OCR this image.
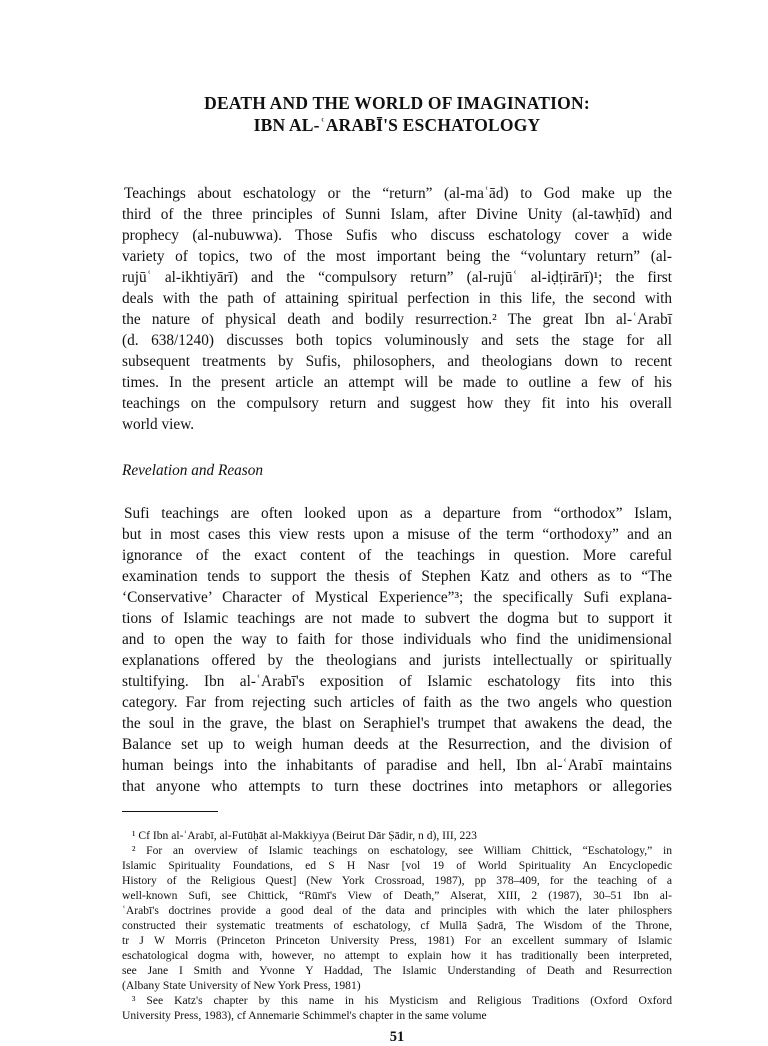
DEATH AND THE WORLD OF IMAGINATION:
IBN AL-ʿARABĪ'S ESCHATOLOGY

Teachings about eschatology or the “return” (al-maʿād) to God make up the
third of the three principles of Sunni Islam, after Divine Unity (al-tawḥīd) and
prophecy (al-nubuwwa). Those Sufis who discuss eschatology cover a wide
variety of topics, two of the most important being the “voluntary return” (al-
rujūʿ al-ikhtiyārī) and the “compulsory return” (al-rujūʿ al-iḍṭirārī)¹; the first
deals with the path of attaining spiritual perfection in this life, the second with
the nature of physical death and bodily resurrection.² The great Ibn al-ʿArabī
(d. 638/1240) discusses both topics voluminously and sets the stage for all
subsequent treatments by Sufis, philosophers, and theologians down to recent
times. In the present article an attempt will be made to outline a few of his
teachings on the compulsory return and suggest how they fit into his overall
world view.

Revelation and Reason

Sufi teachings are often looked upon as a departure from “orthodox” Islam,
but in most cases this view rests upon a misuse of the term “orthodoxy” and an
ignorance of the exact content of the teachings in question. More careful
examination tends to support the thesis of Stephen Katz and others as to “The
‘Conservative’ Character of Mystical Experience”³; the specifically Sufi explana-
tions of Islamic teachings are not made to subvert the dogma but to support it
and to open the way to faith for those individuals who find the unidimensional
explanations offered by the theologians and jurists intellectually or spiritually
stultifying. Ibn al-ʿArabī's exposition of Islamic eschatology fits into this
category. Far from rejecting such articles of faith as the two angels who question
the soul in the grave, the blast on Seraphiel's trumpet that awakens the dead, the
Balance set up to weigh human deeds at the Resurrection, and the division of
human beings into the inhabitants of paradise and hell, Ibn al-ʿArabī maintains
that anyone who attempts to turn these doctrines into metaphors or allegories

¹ Cf Ibn al-ʿArabī, al-Futūḥāt al-Makkiyya (Beirut Dār Ṣādir, n d), III, 223
² For an overview of Islamic teachings on eschatology, see William Chittick, “Eschatology,” in
Islamic Spirituality Foundations, ed S H Nasr [vol 19 of World Spirituality An Encyclopedic
History of the Religious Quest] (New York Crossroad, 1987), pp 378–409, for the teaching of a
well-known Sufi, see Chittick, “Rūmī's View of Death,” Alserat, XIII, 2 (1987), 30–51 Ibn al-
ʿArabī's doctrines provide a good deal of the data and principles with which the later philosphers
constructed their systematic treatments of eschatology, cf Mullā Ṣadrā, The Wisdom of the Throne,
tr J W Morris (Princeton Princeton University Press, 1981) For an excellent summary of Islamic
eschatological dogma with, however, no attempt to explain how it has traditionally been interpreted,
see Jane I Smith and Yvonne Y Haddad, The Islamic Understanding of Death and Resurrection
(Albany State University of New York Press, 1981)
³ See Katz's chapter by this name in his Mysticism and Religious Traditions (Oxford Oxford
University Press, 1983), cf Annemarie Schimmel's chapter in the same volume
51
